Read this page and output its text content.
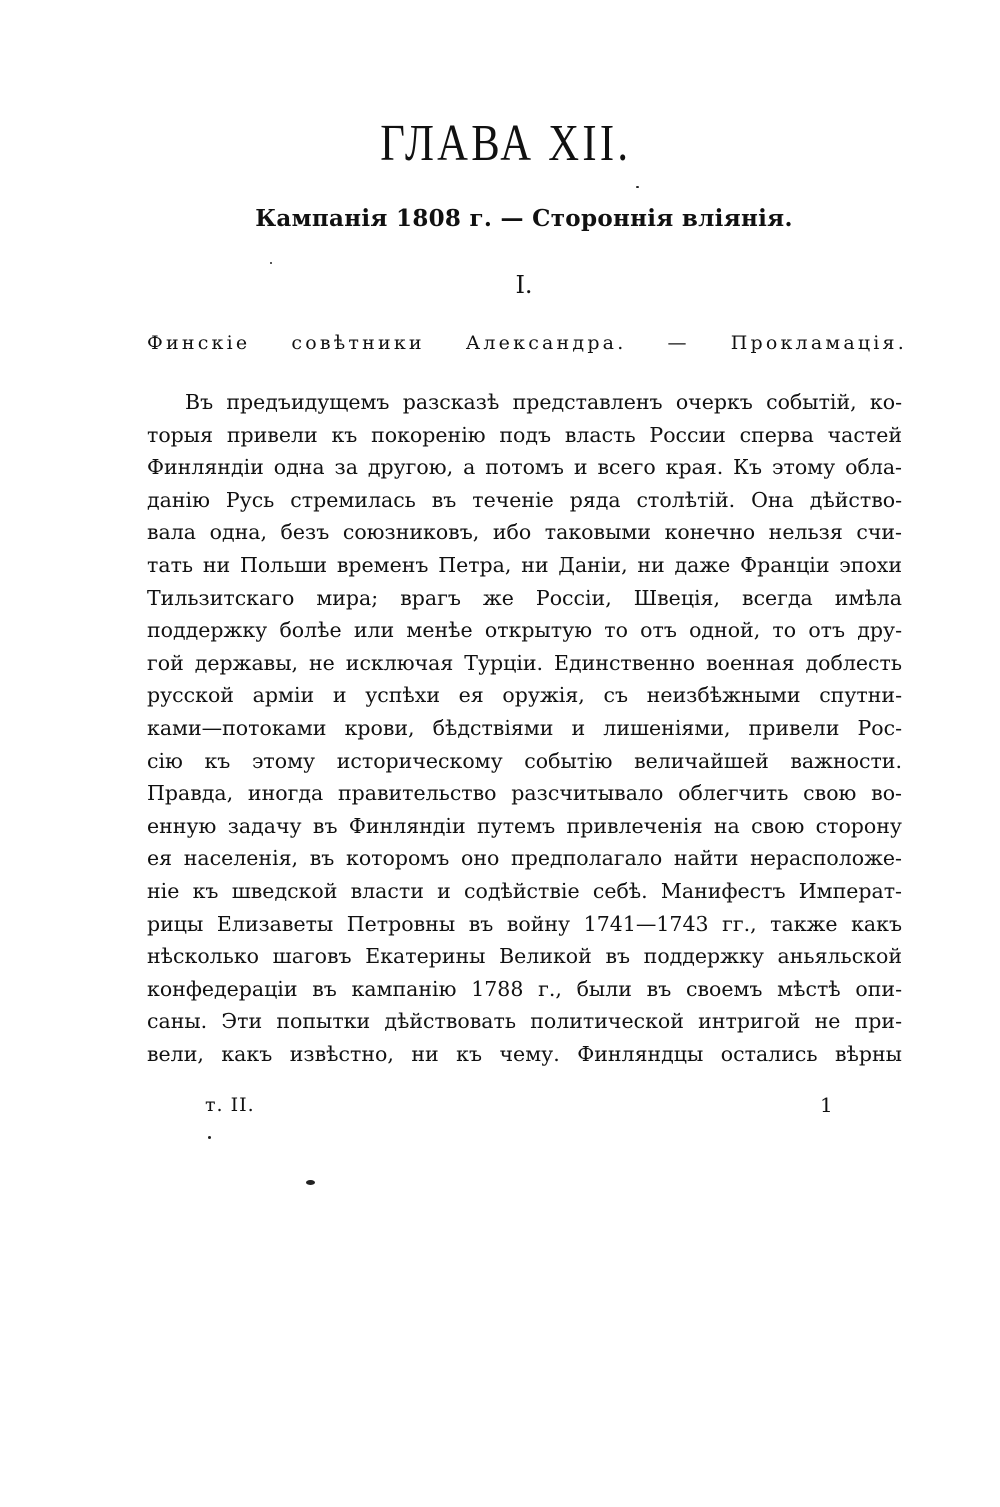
ГЛАВА XII.
Кампанія 1808 г. — Стороннія вліянія.
I.
Финскіе совѣтники Александра. — Прокламація.
Въ предъидущемъ разсказѣ представленъ очеркъ событій, ко-
торыя привели къ покоренію подъ власть России сперва частей
Финляндіи одна за другою, а потомъ и всего края. Къ этому обла-
данію Русь стремилась въ теченіе ряда столѣтій. Она дѣйство-
вала одна, безъ союзниковъ, ибо таковыми конечно нельзя счи-
тать ни Польши временъ Петра, ни Даніи, ни даже Франціи эпохи
Тильзитскаго мира; врагъ же Россіи, Швеція, всегда имѣла
поддержку болѣе или менѣе открытую то отъ одной, то отъ дру-
гой державы, не исключая Турціи. Единственно военная доблесть
русской арміи и успѣхи ея оружія, съ неизбѣжными спутни-
ками—потоками крови, бѣдствіями и лишеніями, привели Рос-
сію къ этому историческому событію величайшей важности.
Правда, иногда правительство разсчитывало облегчить свою во-
енную задачу въ Финляндіи путемъ привлеченія на свою сторону
ея населенія, въ которомъ оно предполагало найти нерасположе-
ніе къ шведской власти и содѣйствіе себѣ. Манифестъ Императ-
рицы Елизаветы Петровны въ войну 1741—1743 гг., также какъ
нѣсколько шаговъ Екатерины Великой въ поддержку аньяльской
конфедераціи въ кампанію 1788 г., были въ своемъ мѣстѣ опи-
саны. Эти попытки дѣйствовать политической интригой не при-
вели, какъ извѣстно, ни къ чему. Финляндцы остались вѣрны
т. II.	1
